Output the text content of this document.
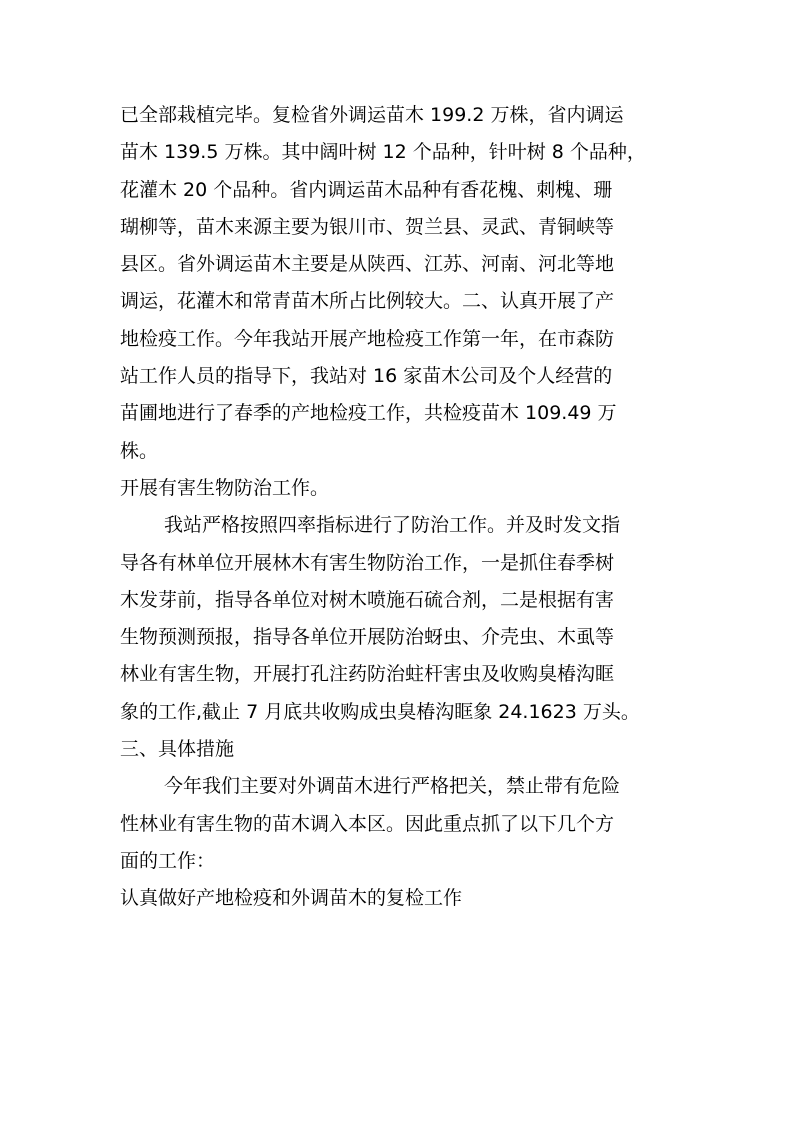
已全部栽植完毕。复检省外调运苗木 199.2 万株，省内调运
苗木 139.5 万株。其中阔叶树 12 个品种，针叶树 8 个品种，
花灌木 20 个品种。省内调运苗木品种有香花槐、刺槐、珊
瑚柳等，苗木来源主要为银川市、贺兰县、灵武、青铜峡等
县区。省外调运苗木主要是从陕西、江苏、河南、河北等地
调运，花灌木和常青苗木所占比例较大。二、认真开展了产
地检疫工作。今年我站开展产地检疫工作第一年，在市森防
站工作人员的指导下，我站对 16 家苗木公司及个人经营的
苗圃地进行了春季的产地检疫工作，共检疫苗木 109.49 万
株。
开展有害生物防治工作。
我站严格按照四率指标进行了防治工作。并及时发文指
导各有林单位开展林木有害生物防治工作，一是抓住春季树
木发芽前，指导各单位对树木喷施石硫合剂，二是根据有害
生物预测预报，指导各单位开展防治蚜虫、介壳虫、木虱等
林业有害生物，开展打孔注药防治蛀杆害虫及收购臭椿沟眶
象的工作,截止 7 月底共收购成虫臭椿沟眶象 24.1623 万头。
三、具体措施
今年我们主要对外调苗木进行严格把关，禁止带有危险
性林业有害生物的苗木调入本区。因此重点抓了以下几个方
面的工作：
认真做好产地检疫和外调苗木的复检工作
